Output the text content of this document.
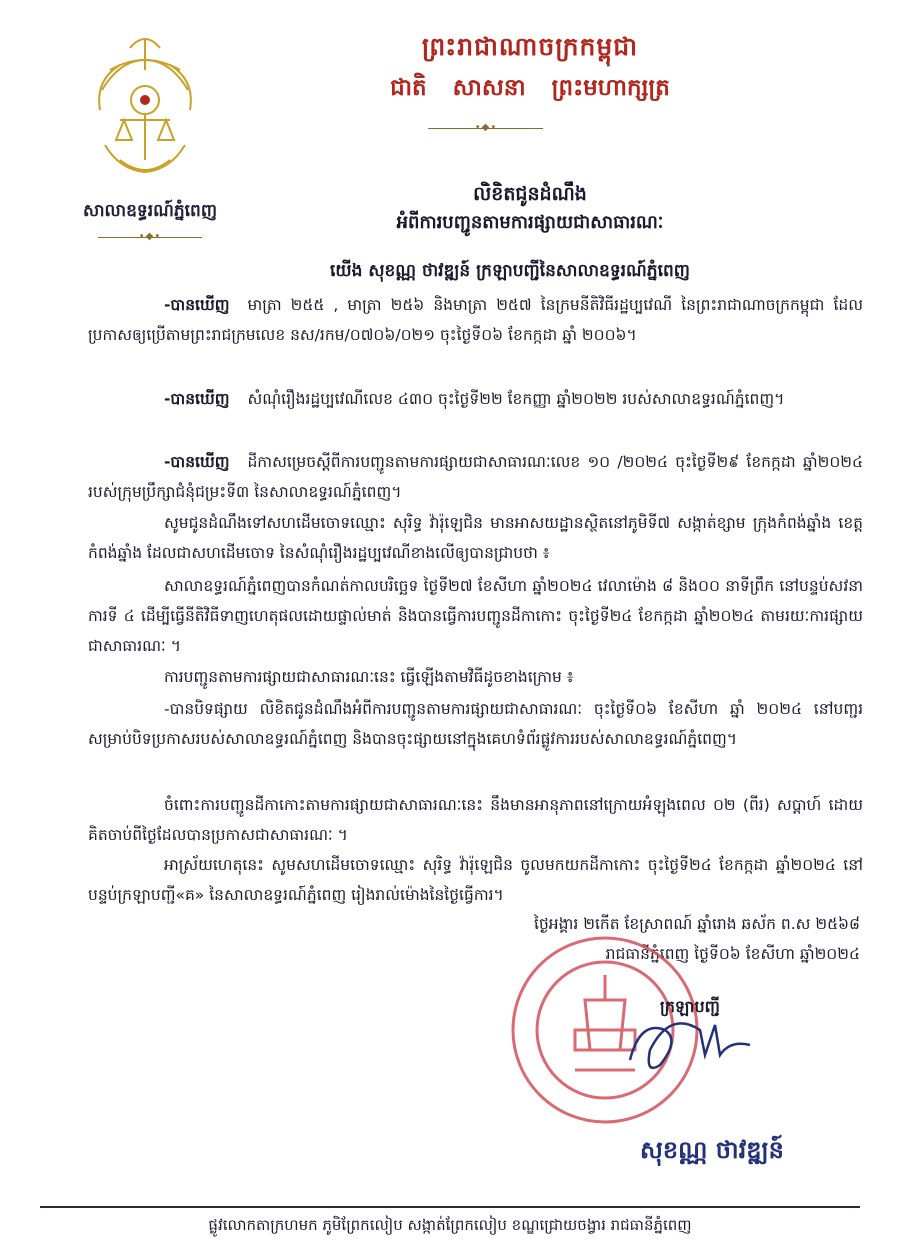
ព្រះរាជាណាចក្រកម្ពុជា
ជាតិ សាសនា ព្រះមហាក្សត្រ
•◆•
សាលាឧទ្ធរណ៍ភ្នំពេញ
•◆•
លិខិតជូនដំណឹង
អំពីការបញ្ជូនតាមការផ្សាយជាសាធារណៈ
យើង សុខណ្ណ ថាវឌ្ឍន៍ ក្រឡាបញ្ជីនៃសាលាឧទ្ធរណ៍ភ្នំពេញ
-បានឃើញ មាត្រា ២៥៥ , មាត្រា ២៥៦ និងមាត្រា ២៥៧ នៃក្រមនីតិវិធីរដ្ឋប្បវេណី នៃព្រះរាជាណាចក្រកម្ពុជា ដែលប្រកាសឲ្យប្រើតាមព្រះរាជក្រមលេខ នស/រកម/០៧០៦/០២១ ចុះថ្ងៃទី០៦ ខែកក្កដា ឆ្នាំ ២០០៦។
-បានឃើញ សំណុំរឿងរដ្ឋប្បវេណីលេខ ៤៣០ ចុះថ្ងៃទី២២ ខែកញ្ញា ឆ្នាំ២០២២ របស់សាលាឧទ្ធរណ៍ភ្នំពេញ។
-បានឃើញ ដីកាសម្រេចស្តីពីការបញ្ជូនតាមការផ្សាយជាសាធារណៈលេខ ១០ /២០២៤ ចុះថ្ងៃទី២៩ ខែកក្កដា ឆ្នាំ២០២៤ របស់ក្រុមប្រឹក្សាជំនុំជម្រះទី៣ នៃសាលាឧទ្ធរណ៍ភ្នំពេញ។
សូមជូនដំណឹងទៅសហដើមចោទឈ្មោះ សុរិទ្ធ វ៉ារ៉ុឡេជិន មានអាសយដ្ឋានស្ថិតនៅភូមិទី៧ សង្កាត់ខ្សាម ក្រុងកំពង់ឆ្នាំង ខេត្តកំពង់ឆ្នាំង ដែលជាសហដើមចោទ នៃសំណុំរឿងរដ្ឋប្បវេណីខាងលើឲ្យបានជ្រាបថា ៖
សាលាឧទ្ធរណ៍ភ្នំពេញបានកំណត់កាលបរិច្ឆេទ ថ្ងៃទី២៧ ខែសីហា ឆ្នាំ២០២៤ វេលាម៉ោង ៨ និង០០ នាទីព្រឹក នៅបន្ទប់សវនាការទី ៤ ដើម្បីធ្វើនីតិវិធីទាញហេតុផលដោយផ្ទាល់មាត់ និងបានធ្វើការបញ្ជូនដីកាកោះ ចុះថ្ងៃទី២៤ ខែកក្កដា ឆ្នាំ២០២៤ តាមរយៈការផ្សាយជាសាធារណៈ ។
ការបញ្ជូនតាមការផ្សាយជាសាធារណៈនេះ ធ្វើឡើងតាមវិធីដូចខាងក្រោម ៖
-បានបិទផ្សាយ លិខិតជូនដំណឹងអំពីការបញ្ជូនតាមការផ្សាយជាសាធារណៈ ចុះថ្ងៃទី០៦ ខែសីហា ឆ្នាំ ២០២៤ នៅបញ្ជរសម្រាប់បិទប្រកាសរបស់សាលាឧទ្ធរណ៍ភ្នំពេញ និងបានចុះផ្សាយនៅក្នុងគេហទំព័រផ្លូវការរបស់សាលាឧទ្ធរណ៍ភ្នំពេញ។
ចំពោះការបញ្ជូនដីកាកោះតាមការផ្សាយជាសាធារណៈនេះ នឹងមានអានុភាពនៅក្រោយអំឡុងពេល ០២ (ពីរ) សប្តាហ៍ ដោយគិតចាប់ពីថ្ងៃដែលបានប្រកាសជាសាធារណៈ ។
អាស្រ័យហេតុនេះ សូមសហដើមចោទឈ្មោះ សុរិទ្ធ វ៉ារ៉ុឡេជិន ចូលមកយកដីកាកោះ ចុះថ្ងៃទី២៤ ខែកក្កដា ឆ្នាំ២០២៤ នៅបន្ទប់ក្រឡាបញ្ជី«គ» នៃសាលាឧទ្ធរណ៍ភ្នំពេញ រៀងរាល់ម៉ោងនៃថ្ងៃធ្វើការ។
ថ្ងៃអង្គារ ២កើត ខែស្រាពណ៍ ឆ្នាំរោង ឆស័ក ព.ស ២៥៦៨
រាជធានីភ្នំពេញ ថ្ងៃទី០៦ ខែសីហា ឆ្នាំ២០២៤
ក្រឡាបញ្ជី
សុខណ្ណ ថាវឌ្ឍន៍
ផ្លូវលោកតាក្រហមក ភូមិព្រែកលៀប សង្កាត់ព្រែកលៀប ខណ្ឌជ្រោយចង្វារ រាជធានីភ្នំពេញ
